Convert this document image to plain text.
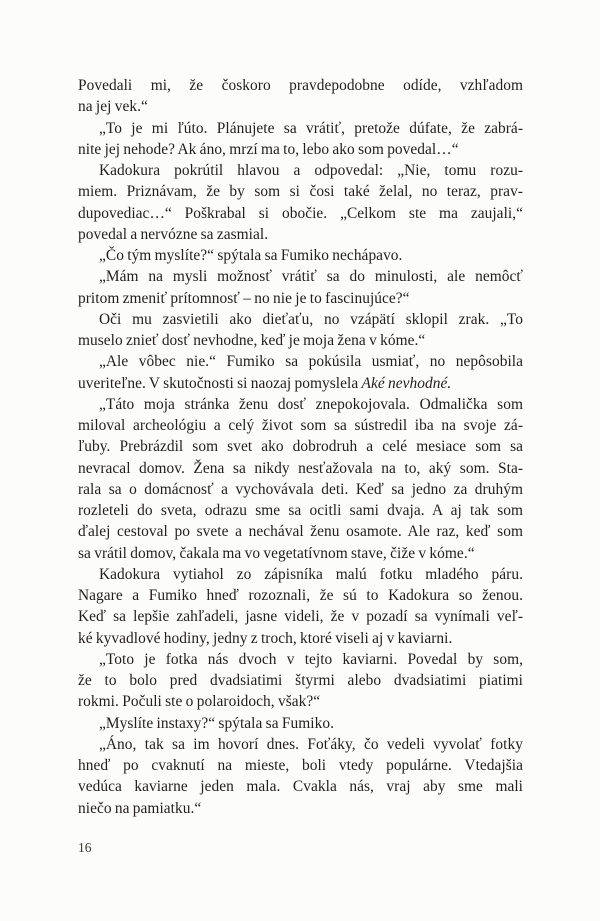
Povedali mi, že čoskoro pravdepodobne odíde, vzhľadom
na jej vek.“
„To je mi ľúto. Plánujete sa vrátiť, pretože dúfate, že zabrá-
nite jej nehode? Ak áno, mrzí ma to, lebo ako som povedal…“
Kadokura pokrútil hlavou a odpovedal: „Nie, tomu rozu-
miem. Priznávam, že by som si čosi také želal, no teraz, prav-
dupovediac…“ Poškrabal si obočie. „Celkom ste ma zaujali,“
povedal a nervózne sa zasmial.
„Čo tým myslíte?“ spýtala sa Fumiko nechápavo.
„Mám na mysli možnosť vrátiť sa do minulosti, ale nemôcť
pritom zmeniť prítomnosť – no nie je to fascinujúce?“
Oči mu zasvietili ako dieťaťu, no vzápätí sklopil zrak. „To
muselo znieť dosť nevhodne, keď je moja žena v kóme.“
„Ale vôbec nie.“ Fumiko sa pokúsila usmiať, no nepôsobila
uveriteľne. V skutočnosti si naozaj pomyslela Aké nevhodné.
„Táto moja stránka ženu dosť znepokojovala. Odmalička som
miloval archeológiu a celý život som sa sústredil iba na svoje zá-
ľuby. Prebrázdil som svet ako dobrodruh a celé mesiace som sa
nevracal domov. Žena sa nikdy nesťažovala na to, aký som. Sta-
rala sa o domácnosť a vychovávala deti. Keď sa jedno za druhým
rozleteli do sveta, odrazu sme sa ocitli sami dvaja. A aj tak som
ďalej cestoval po svete a nechával ženu osamote. Ale raz, keď som
sa vrátil domov, čakala ma vo vegetatívnom stave, čiže v kóme.“
Kadokura vytiahol zo zápisníka malú fotku mladého páru.
Nagare a Fumiko hneď rozoznali, že sú to Kadokura so ženou.
Keď sa lepšie zahľadeli, jasne videli, že v pozadí sa vynímali veľ-
ké kyvadlové hodiny, jedny z troch, ktoré viseli aj v kaviarni.
„Toto je fotka nás dvoch v tejto kaviarni. Povedal by som,
že to bolo pred dvadsiatimi štyrmi alebo dvadsiatimi piatimi
rokmi. Počuli ste o polaroidoch, však?“
„Myslíte instaxy?“ spýtala sa Fumiko.
„Áno, tak sa im hovorí dnes. Foťáky, čo vedeli vyvolať fotky
hneď po cvaknutí na mieste, boli vtedy populárne. Vtedajšia
vedúca kaviarne jeden mala. Cvakla nás, vraj aby sme mali
niečo na pamiatku.“
16
